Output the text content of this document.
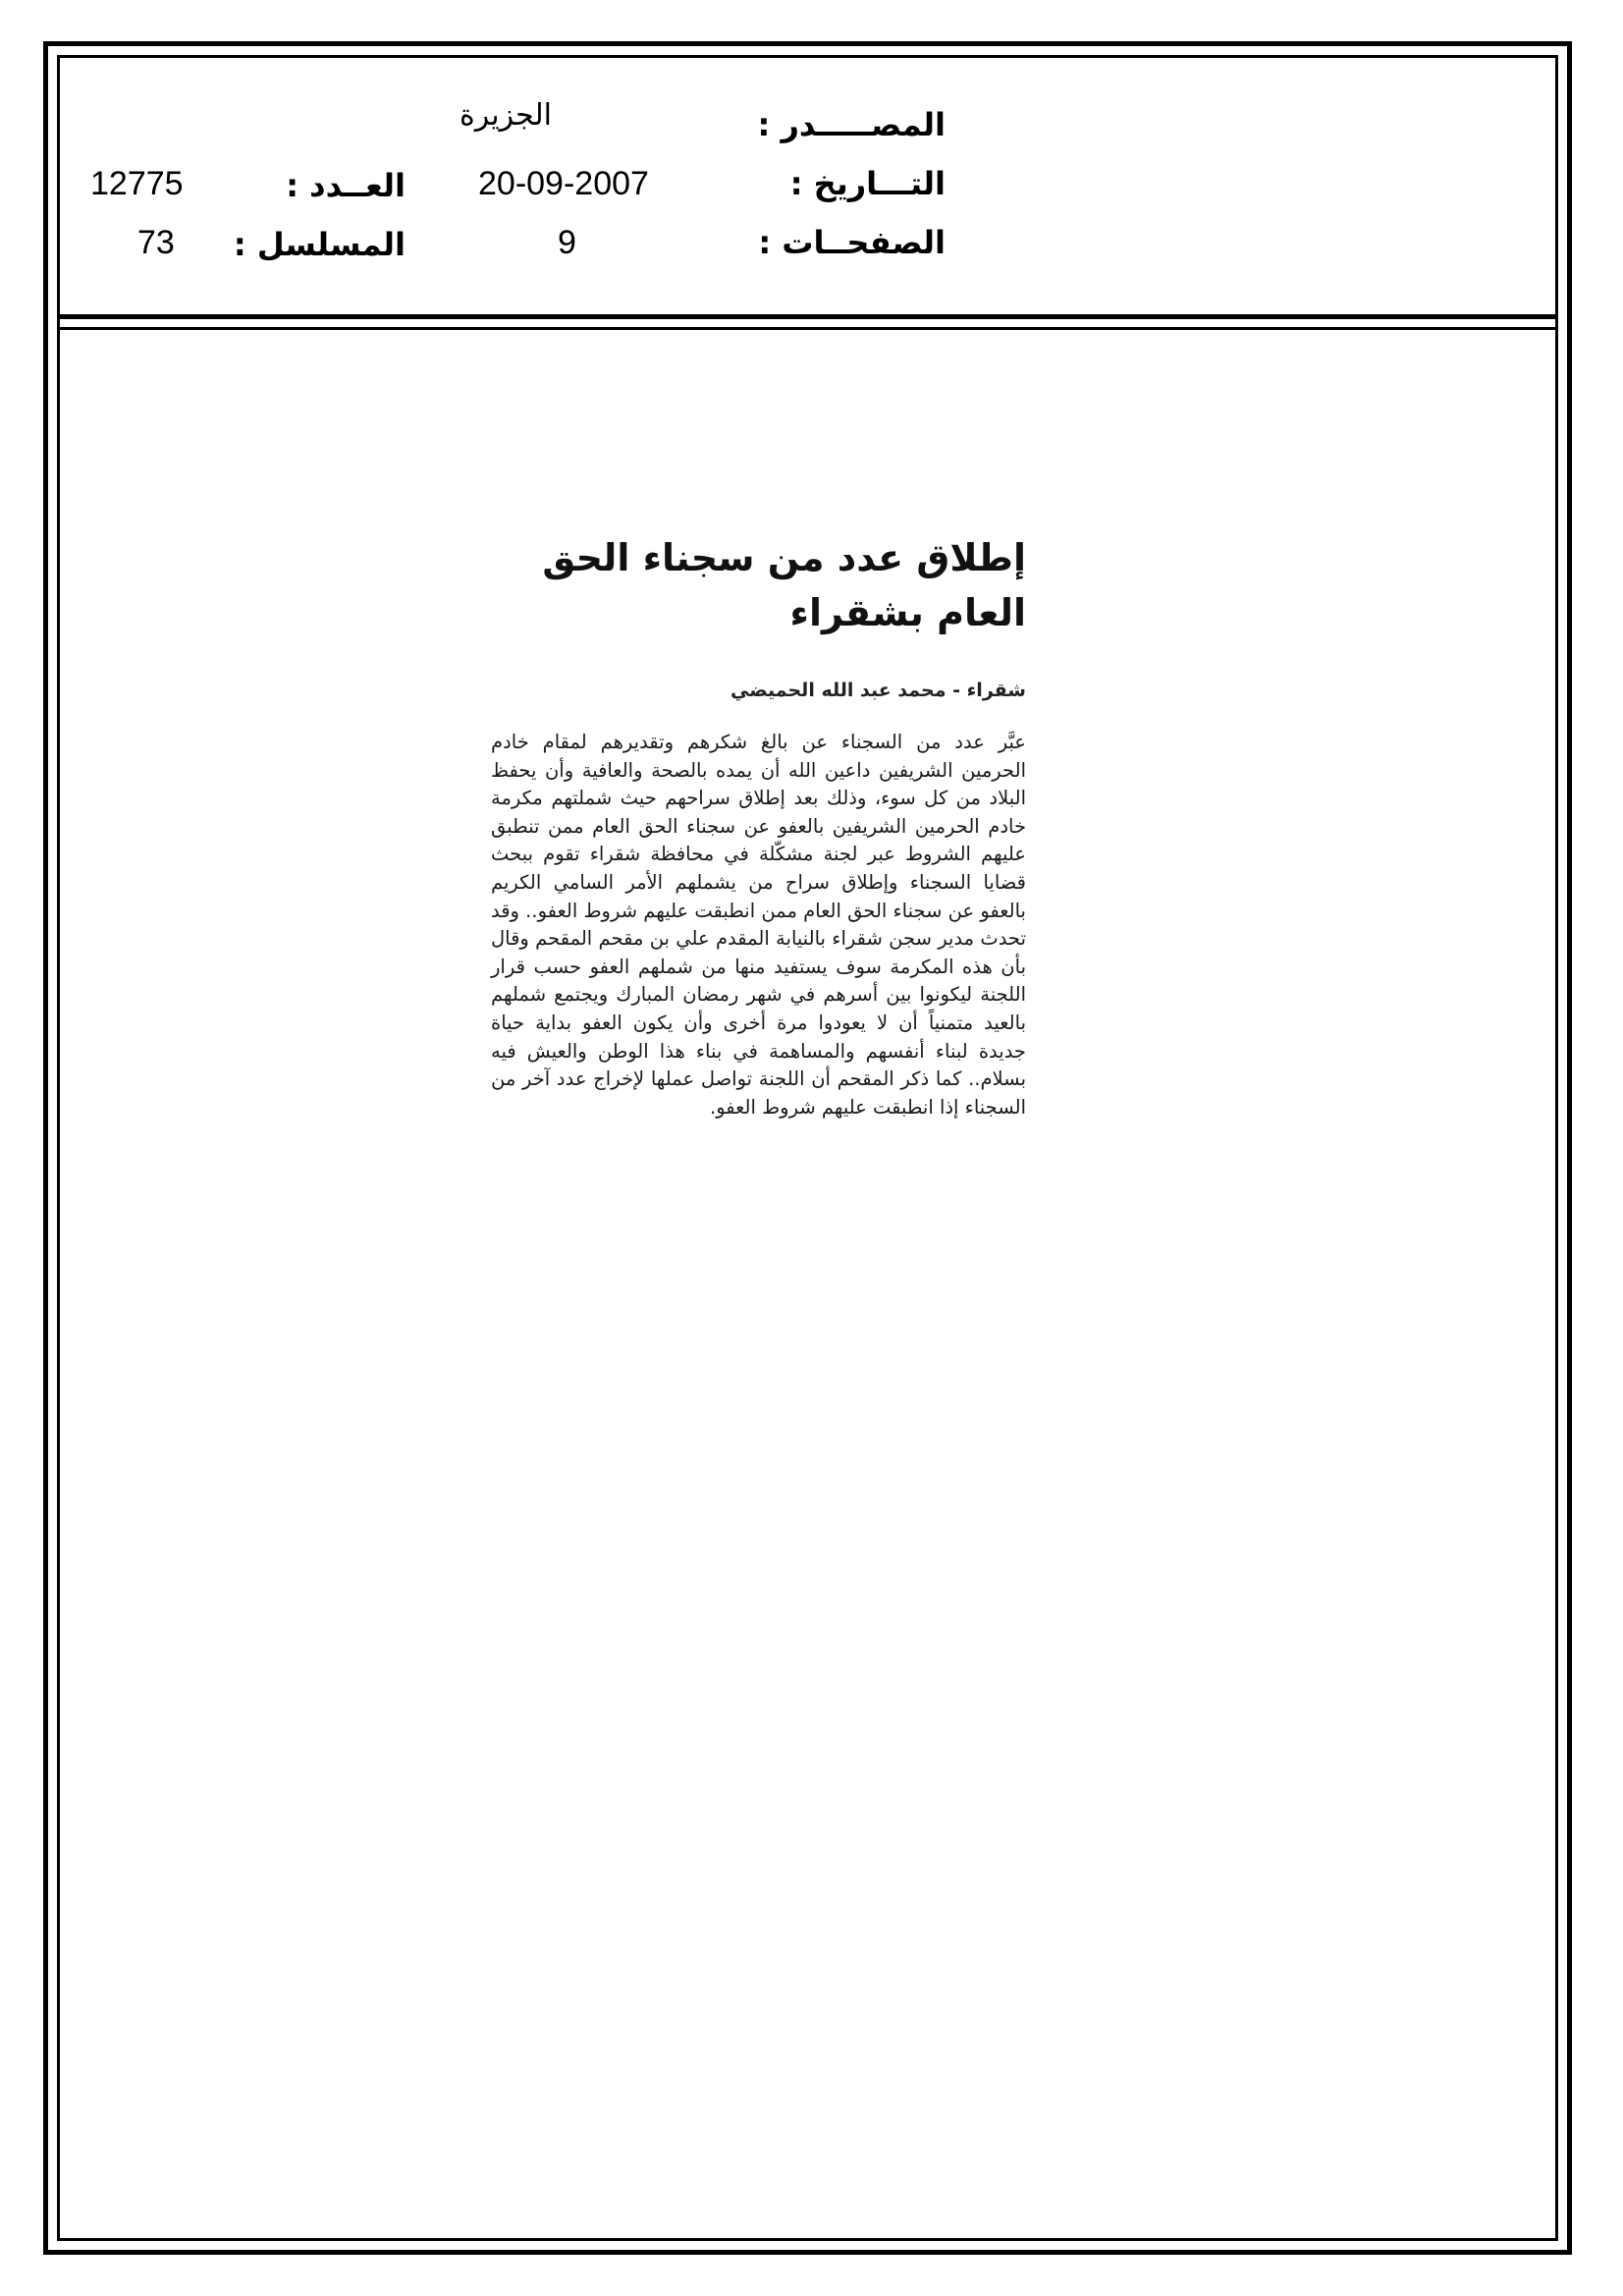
المصـــــدر :
التـــاريخ :
الصفحــات :
الجزيرة
20-09-2007
9
العــدد :
المسلسل :
12775
73
إطلاق عدد من سجناء الحق العام بشقراء
شقراء - محمد عبد الله الحميضي
عبَّر عدد من السجناء عن بالغ شكرهم وتقديرهم لمقام خادم الحرمين الشريفين داعين الله أن يمده بالصحة والعافية وأن يحفظ البلاد من كل سوء، وذلك بعد إطلاق سراحهم حيث شملتهم مكرمة خادم الحرمين الشريفين بالعفو عن سجناء الحق العام ممن تنطبق عليهم الشروط عبر لجنة مشكّلة في محافظة شقراء تقوم ببحث قضايا السجناء وإطلاق سراح من يشملهم الأمر السامي الكريم بالعفو عن سجناء الحق العام ممن انطبقت عليهم شروط العفو.. وقد تحدث مدير سجن شقراء بالنيابة المقدم علي بن مقحم المقحم وقال بأن هذه المكرمة سوف يستفيد منها من شملهم العفو حسب قرار اللجنة ليكونوا بين أسرهم في شهر رمضان المبارك ويجتمع شملهم بالعيد متمنياً أن لا يعودوا مرة أخرى وأن يكون العفو بداية حياة جديدة لبناء أنفسهم والمساهمة في بناء هذا الوطن والعيش فيه بسلام.. كما ذكر المقحم أن اللجنة تواصل عملها لإخراج عدد آخر من السجناء إذا انطبقت عليهم شروط العفو.
